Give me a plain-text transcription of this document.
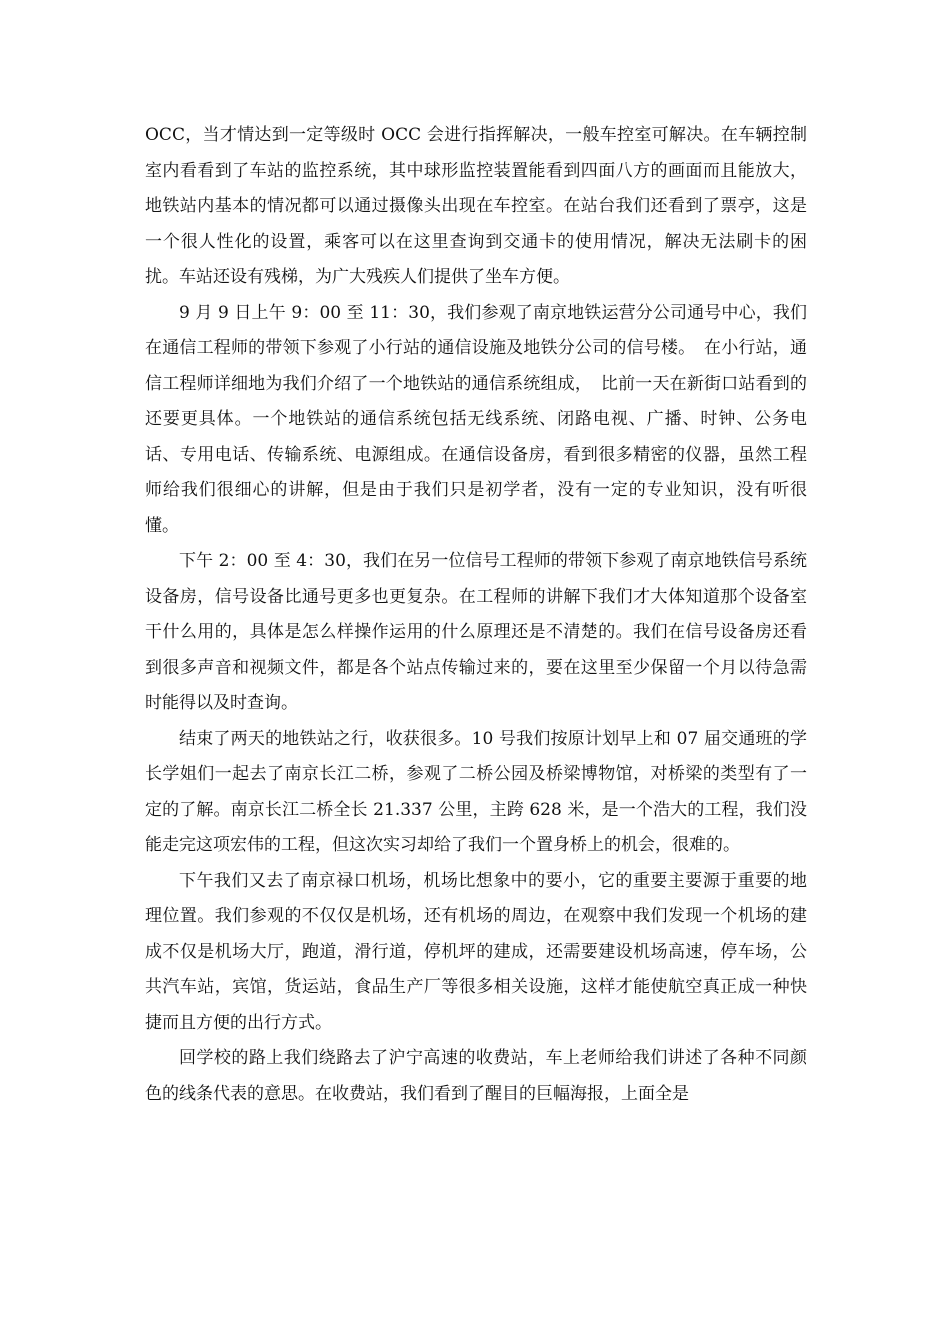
OCC，当才情达到一定等级时 OCC 会进行指挥解决，一般车控室可解决。在车辆控制室内看看到了车站的监控系统，其中球形监控装置能看到四面八方的画面而且能放大，地铁站内基本的情况都可以通过摄像头出现在车控室。在站台我们还看到了票亭，这是一个很人性化的设置，乘客可以在这里查询到交通卡的使用情况，解决无法刷卡的困扰。车站还设有残梯，为广大残疾人们提供了坐车方便。

9 月 9 日上午 9：00 至 11：30，我们参观了南京地铁运营分公司通号中心，我们在通信工程师的带领下参观了小行站的通信设施及地铁分公司的信号楼。　在小行站，通信工程师详细地为我们介绍了一个地铁站的通信系统组成，　比前一天在新街口站看到的还要更具体。一个地铁站的通信系统包括无线系统、闭路电视、广播、时钟、公务电话、专用电话、传输系统、电源组成。在通信设备房，看到很多精密的仪器，虽然工程师给我们很细心的讲解，但是由于我们只是初学者，没有一定的专业知识，没有听很懂。

下午 2：00 至 4：30，我们在另一位信号工程师的带领下参观了南京地铁信号系统设备房，信号设备比通号更多也更复杂。在工程师的讲解下我们才大体知道那个设备室干什么用的，具体是怎么样操作运用的什么原理还是不清楚的。我们在信号设备房还看到很多声音和视频文件，都是各个站点传输过来的，要在这里至少保留一个月以待急需时能得以及时查询。

结束了两天的地铁站之行，收获很多。10 号我们按原计划早上和 07 届交通班的学长学姐们一起去了南京长江二桥，参观了二桥公园及桥梁博物馆，对桥梁的类型有了一定的了解。南京长江二桥全长 21.337 公里，主跨 628 米，是一个浩大的工程，我们没能走完这项宏伟的工程，但这次实习却给了我们一个置身桥上的机会，很难的。

下午我们又去了南京禄口机场，机场比想象中的要小，它的重要主要源于重要的地理位置。我们参观的不仅仅是机场，还有机场的周边，在观察中我们发现一个机场的建成不仅是机场大厅，跑道，滑行道，停机坪的建成，还需要建设机场高速，停车场，公共汽车站，宾馆，货运站，食品生产厂等很多相关设施，这样才能使航空真正成一种快捷而且方便的出行方式。

回学校的路上我们绕路去了沪宁高速的收费站，车上老师给我们讲述了各种不同颜色的线条代表的意思。在收费站，我们看到了醒目的巨幅海报，上面全是
